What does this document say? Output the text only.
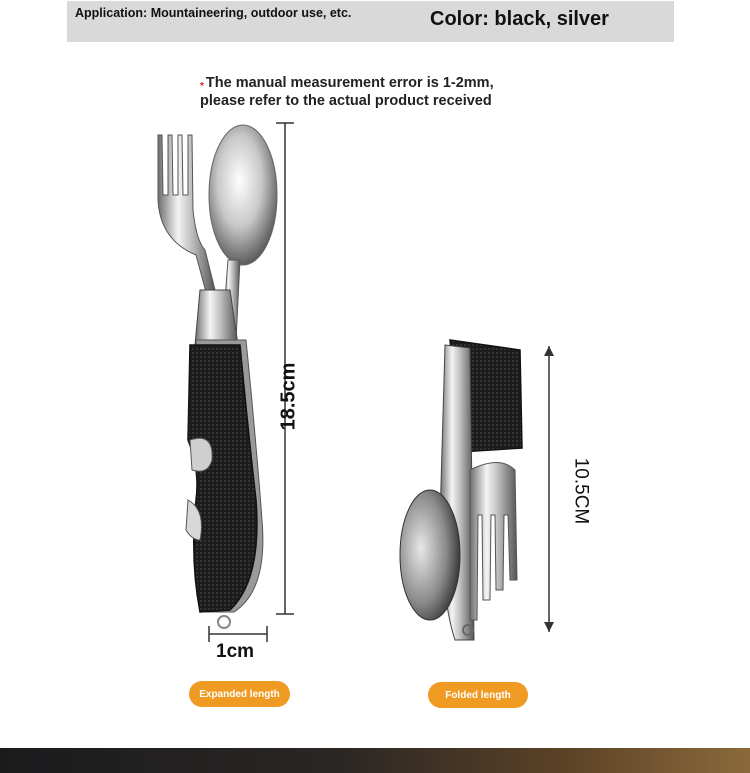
Application: Mountaineering, outdoor use, etc.	Color: black, silver
* The manual measurement error is 1-2mm,
please refer to the actual product received
18.5cm
10.5CM
1cm
Expanded length	Folded length
